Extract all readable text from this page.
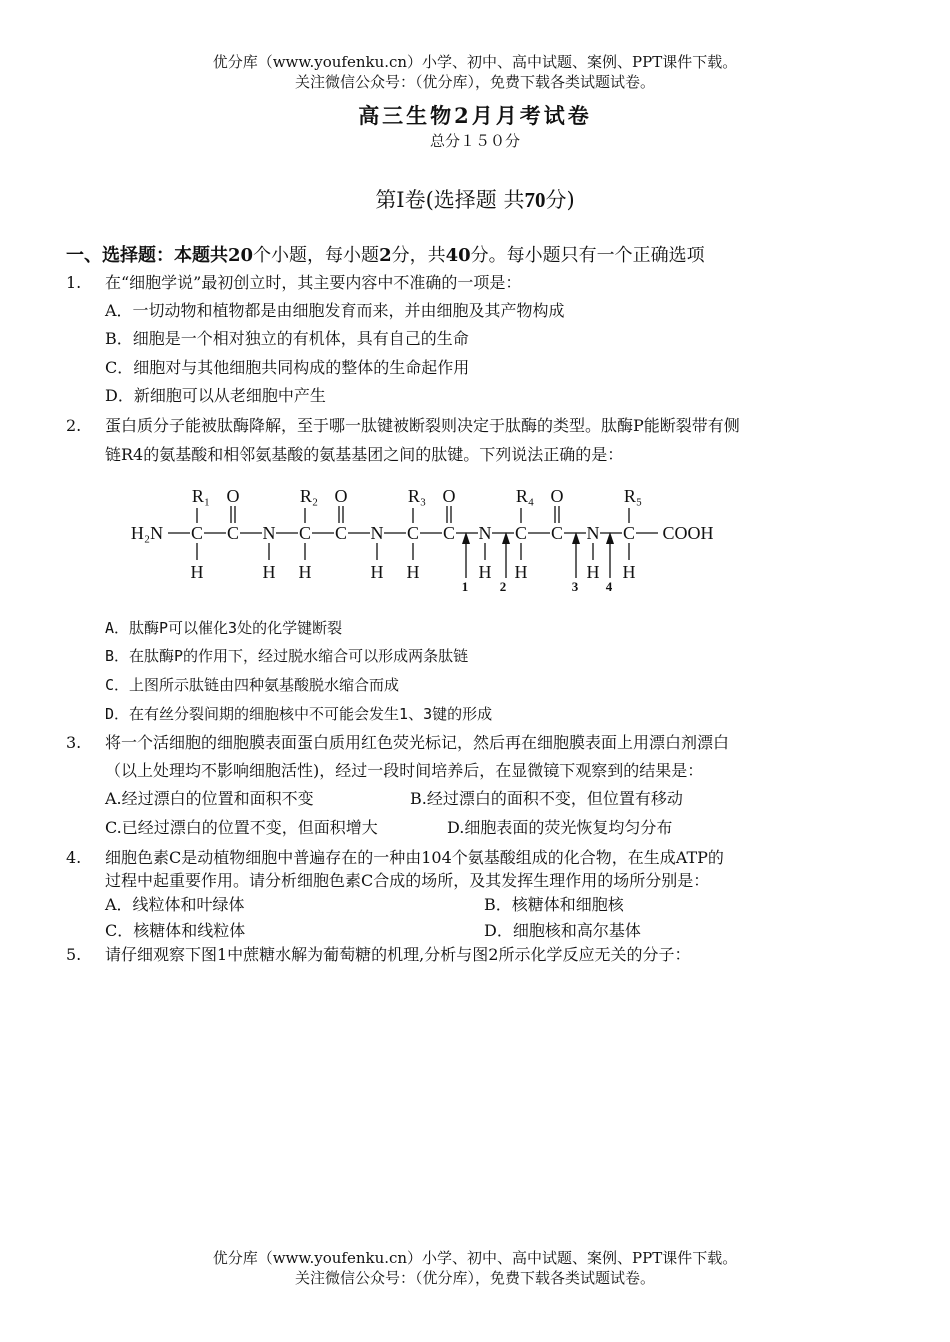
优分库（www.youfenku.cn）小学、初中、高中试题、案例、PPT课件下载。
关注微信公众号：（优分库），免费下载各类试题试卷。
高三生物2月月考试卷
总分１５０分
第Ⅰ卷(选择题 共70分)
一、选择题：本题共20个小题，每小题2分，共40分。每小题只有一个正确选项
1. 在“细胞学说”最初创立时，其主要内容中不准确的一项是：
A．一切动物和植物都是由细胞发育而来，并由细胞及其产物构成
B．细胞是一个相对独立的有机体，具有自己的生命
C．细胞对与其他细胞共同构成的整体的生命起作用
D．新细胞可以从老细胞中产生
2. 蛋白质分子能被肽酶降解，至于哪一肽键被断裂则决定于肽酶的类型。肽酶P能断裂带有侧
链R4的氨基酸和相邻氨基酸的氨基基团之间的肽键。下列说法正确的是：
H₂N C C N C C N C C N C C N C COOH
R₁	R₂	R₃	R₄	R₅
O	O	O	O
H	H H	H H	H H	H H
1 2	3 4
A．肽酶P可以催化3处的化学键断裂
B．在肽酶P的作用下，经过脱水缩合可以形成两条肽链
C．上图所示肽链由四种氨基酸脱水缩合而成
D．在有丝分裂间期的细胞核中不可能会发生1、3键的形成
3. 将一个活细胞的细胞膜表面蛋白质用红色荧光标记，然后再在细胞膜表面上用漂白剂漂白
（以上处理均不影响细胞活性)，经过一段时间培养后，在显微镜下观察到的结果是：
A.经过漂白的位置和面积不变	B.经过漂白的面积不变，但位置有移动
C.已经过漂白的位置不变，但面积增大	D.细胞表面的荧光恢复均匀分布
4. 细胞色素C是动植物细胞中普遍存在的一种由104个氨基酸组成的化合物，在生成ATP的
过程中起重要作用。请分析细胞色素C合成的场所，及其发挥生理作用的场所分别是：
A．线粒体和叶绿体	B．核糖体和细胞核
C．核糖体和线粒体	D．细胞核和高尔基体
5. 请仔细观察下图1中蔗糖水解为葡萄糖的机理,分析与图2所示化学反应无关的分子：
优分库（www.youfenku.cn）小学、初中、高中试题、案例、PPT课件下载。
关注微信公众号：（优分库），免费下载各类试题试卷。
